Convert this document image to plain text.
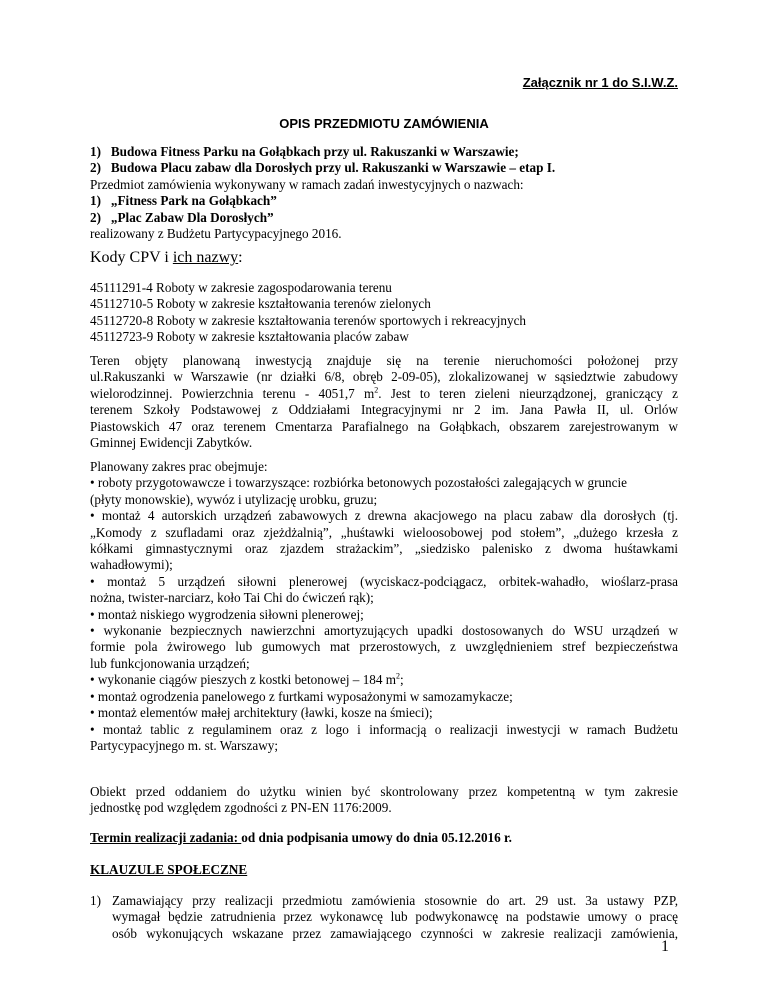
Załącznik nr 1 do S.I.W.Z.
OPIS PRZEDMIOTU ZAMÓWIENIA
1)   Budowa Fitness Parku na Gołąbkach przy ul. Rakuszanki w Warszawie;
2)   Budowa Placu zabaw dla Dorosłych przy ul. Rakuszanki w Warszawie – etap I.
Przedmiot zamówienia wykonywany w ramach zadań inwestycyjnych o nazwach:
1)   „Fitness Park na Gołąbkach”
2)   „Plac Zabaw Dla Dorosłych”
realizowany z Budżetu Partycypacyjnego 2016.
Kody CPV i ich nazwy:
45111291-4 Roboty w zakresie zagospodarowania terenu
45112710-5 Roboty w zakresie kształtowania terenów zielonych
45112720-8 Roboty w zakresie kształtowania terenów sportowych i rekreacyjnych
45112723-9 Roboty w zakresie kształtowania placów zabaw
Teren objęty planowaną inwestycją znajduje się na terenie nieruchomości położonej przy
ul.Rakuszanki w Warszawie (nr działki 6/8, obręb 2-09-05), zlokalizowanej w sąsiedztwie zabudowy
wielorodzinnej. Powierzchnia terenu - 4051,7 $m^2$. Jest to teren zieleni nieurządzonej, graniczący z
terenem Szkoły Podstawowej z Oddziałami Integracyjnymi nr 2 im. Jana Pawła II, ul. Orlów
Piastowskich 47 oraz terenem Cmentarza Parafialnego na Gołąbkach, obszarem zarejestrowanym w
Gminnej Ewidencji Zabytków.
Planowany zakres prac obejmuje:
• roboty przygotowawcze i towarzyszące: rozbiórka betonowych pozostałości zalegających w gruncie
(płyty monowskie), wywóz i utylizację urobku, gruzu;
• montaż 4 autorskich urządzeń zabawowych z drewna akacjowego na placu zabaw dla dorosłych (tj.
„Komody z szufladami oraz zjeżdżalnią”, „huśtawki wieloosobowej pod stołem”, „dużego krzesła z
kółkami gimnastycznymi oraz zjazdem strażackim”, „siedzisko palenisko z dwoma huśtawkami
wahadłowymi);
• montaż 5 urządzeń siłowni plenerowej (wyciskacz-podciągacz, orbitek-wahadło, wioślarz-prasa
nożna, twister-narciarz, koło Tai Chi do ćwiczeń rąk);
• montaż niskiego wygrodzenia siłowni plenerowej;
• wykonanie bezpiecznych nawierzchni amortyzujących upadki dostosowanych do WSU urządzeń w
formie pola żwirowego lub gumowych mat przerostowych, z uwzględnieniem stref bezpieczeństwa
lub funkcjonowania urządzeń;
• wykonanie ciągów pieszych z kostki betonowej – 184 $m^2$;
• montaż ogrodzenia panelowego z furtkami wyposażonymi w samozamykacze;
• montaż elementów małej architektury (ławki, kosze na śmieci);
• montaż tablic z regulaminem oraz z logo i informacją o realizacji inwestycji w ramach Budżetu
Partycypacyjnego m. st. Warszawy;
Obiekt przed oddaniem do użytku winien być skontrolowany przez kompetentną w tym zakresie
jednostkę pod względem zgodności z PN-EN 1176:2009.
Termin realizacji zadania: od dnia podpisania umowy do dnia 05.12.2016 r.
KLAUZULE SPOŁECZNE
1) Zamawiający przy realizacji przedmiotu zamówienia stosownie do art. 29 ust. 3a ustawy PZP,
wymagał będzie zatrudnienia przez wykonawcę lub podwykonawcę na podstawie umowy o pracę
osób wykonujących wskazane przez zamawiającego czynności w zakresie realizacji zamówienia,
1
